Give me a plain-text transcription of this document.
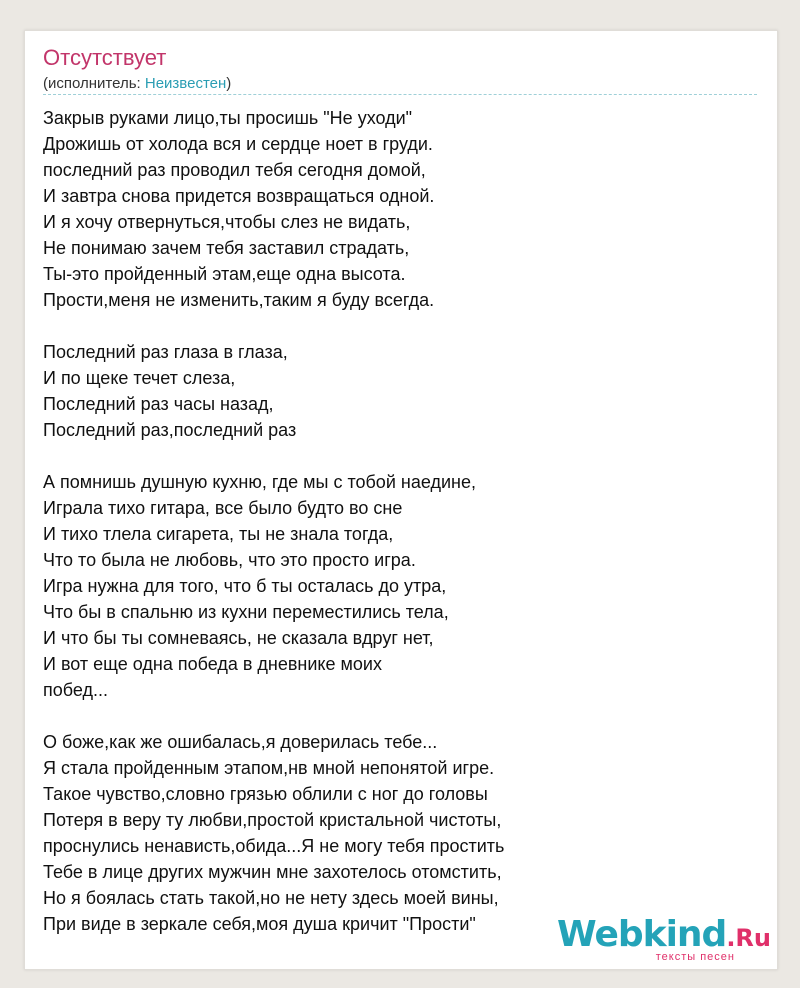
Отсутствует
(исполнитель: Неизвестен)
Закрыв руками лицо,ты просишь "Не уходи"
Дрожишь от холода вся и сердце ноет в груди.
последний раз проводил тебя сегодня домой,
И завтра снова придется возвращаться одной.
И я хочу отвернуться,чтобы слез не видать,
Не понимаю зачем тебя заставил страдать,
Ты-это пройденный этам,еще одна высота.
Прости,меня не изменить,таким я буду всегда.
Последний раз глаза в глаза,
И по щеке течет слеза,
Последний раз часы назад,
Последний раз,последний раз
А помнишь душную кухню, где мы с тобой наедине,
Играла тихо гитара, все было будто во сне
И тихо тлела сигарета, ты не знала тогда,
Что то была не любовь, что это просто игра.
Игра нужна для того, что б ты осталась до утра,
Что бы в спальню из кухни переместились тела,
И что бы ты сомневаясь, не сказала вдруг нет,
И вот еще одна победа в дневнике моих
побед...
О боже,как же ошибалась,я доверилась тебе...
Я стала пройденным этапом,нв мной непонятой игре.
Такое чувство,словно грязью облили с ног до головы
Потеря в веру ту любви,простой кристальной чистоты,
проснулись ненависть,обида...Я не могу тебя простить
Тебе в лице других мужчин мне захотелось отомстить,
Но я боялась стать такой,но не нету здесь моей вины,
При виде в зеркале себя,моя душа кричит "Прости"	Webkind.Ru
тексты песен
